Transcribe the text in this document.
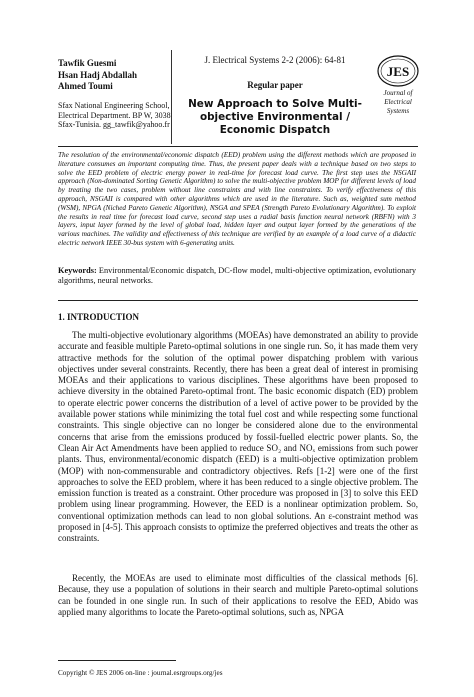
Tawfik Guesmi
Hsan Hadj Abdallah
Ahmed Toumi
Sfax National Engineering School,
Electrical Department. BP W, 3038
Sfax-Tunisia. gg_tawfik@yahoo.fr
J. Electrical Systems 2-2 (2006): 64-81
Regular paper
New Approach to Solve Multi-
objective Environmental /
Economic Dispatch
JES
Journal of
Electrical
Systems
The resolution of the environmental/economic dispatch (EED) problem using the different methods which are proposed in literature consumes an important computing time. Thus, the present paper deals with a technique based on two steps to solve the EED problem of electric energy power in real-time for forecast load curve. The first step uses the NSGAII approach (Non-dominated Sorting Genetic Algorithm) to solve the multi-objective problem MOP for different levels of load by treating the two cases, problem without line constraints and with line constraints. To verify effectiveness of this approach, NSGAII is compared with other algorithms which are used in the literature. Such as, weighted sum method (WSM), NPGA (Niched Pareto Genetic Algorithm), NSGA and SPEA (Strength Pareto Evolutionary Algorithm). To exploit the results in real time for forecast load curve, second step uses a radial basis function neural network (RBFN) with 3 layers, input layer formed by the level of global load, hidden layer and output layer formed by the generations of the various machines. The validity and effectiveness of this technique are verified by an example of a load curve of a didactic electric network IEEE 30-bus system with 6-generating units.
Keywords: Environmental/Economic dispatch, DC-flow model, multi-objective optimization, evolutionary algorithms, neural networks.
1. INTRODUCTION
The multi-objective evolutionary algorithms (MOEAs) have demonstrated an ability to provide accurate and feasible multiple Pareto-optimal solutions in one single run. So, it has made them very attractive methods for the solution of the optimal power dispatching problem with various objectives under several constraints. Recently, there has been a great deal of interest in promising MOEAs and their applications to various disciplines. These algorithms have been proposed to achieve diversity in the obtained Pareto-optimal front. The basic economic dispatch (ED) problem to operate electric power concerns the distribution of a level of active power to be provided by the available power stations while minimizing the total fuel cost and while respecting some functional constraints. This single objective can no longer be considered alone due to the environmental concerns that arise from the emissions produced by fossil-fuelled electric power plants. So, the Clean Air Act Amendments have been applied to reduce SO₂ and NOₓ emissions from such power plants. Thus, environmental/economic dispatch (EED) is a multi-objective optimization problem (MOP) with non-commensurable and contradictory objectives. Refs [1-2] were one of the first approaches to solve the EED problem, where it has been reduced to a single objective problem. The emission function is treated as a constraint. Other procedure was proposed in [3] to solve this EED problem using linear programming. However, the EED is a nonlinear optimization problem. So, conventional optimization methods can lead to non global solutions. An ε-constraint method was proposed in [4-5]. This approach consists to optimize the preferred objectives and treats the other as constraints.
Recently, the MOEAs are used to eliminate most difficulties of the classical methods [6]. Because, they use a population of solutions in their search and multiple Pareto-optimal solutions can be founded in one single run. In such of their applications to resolve the EED, Abido was applied many algorithms to locate the Pareto-optimal solutions, such as, NPGA
Copyright © JES 2006 on-line : journal.esrgroups.org/jes
